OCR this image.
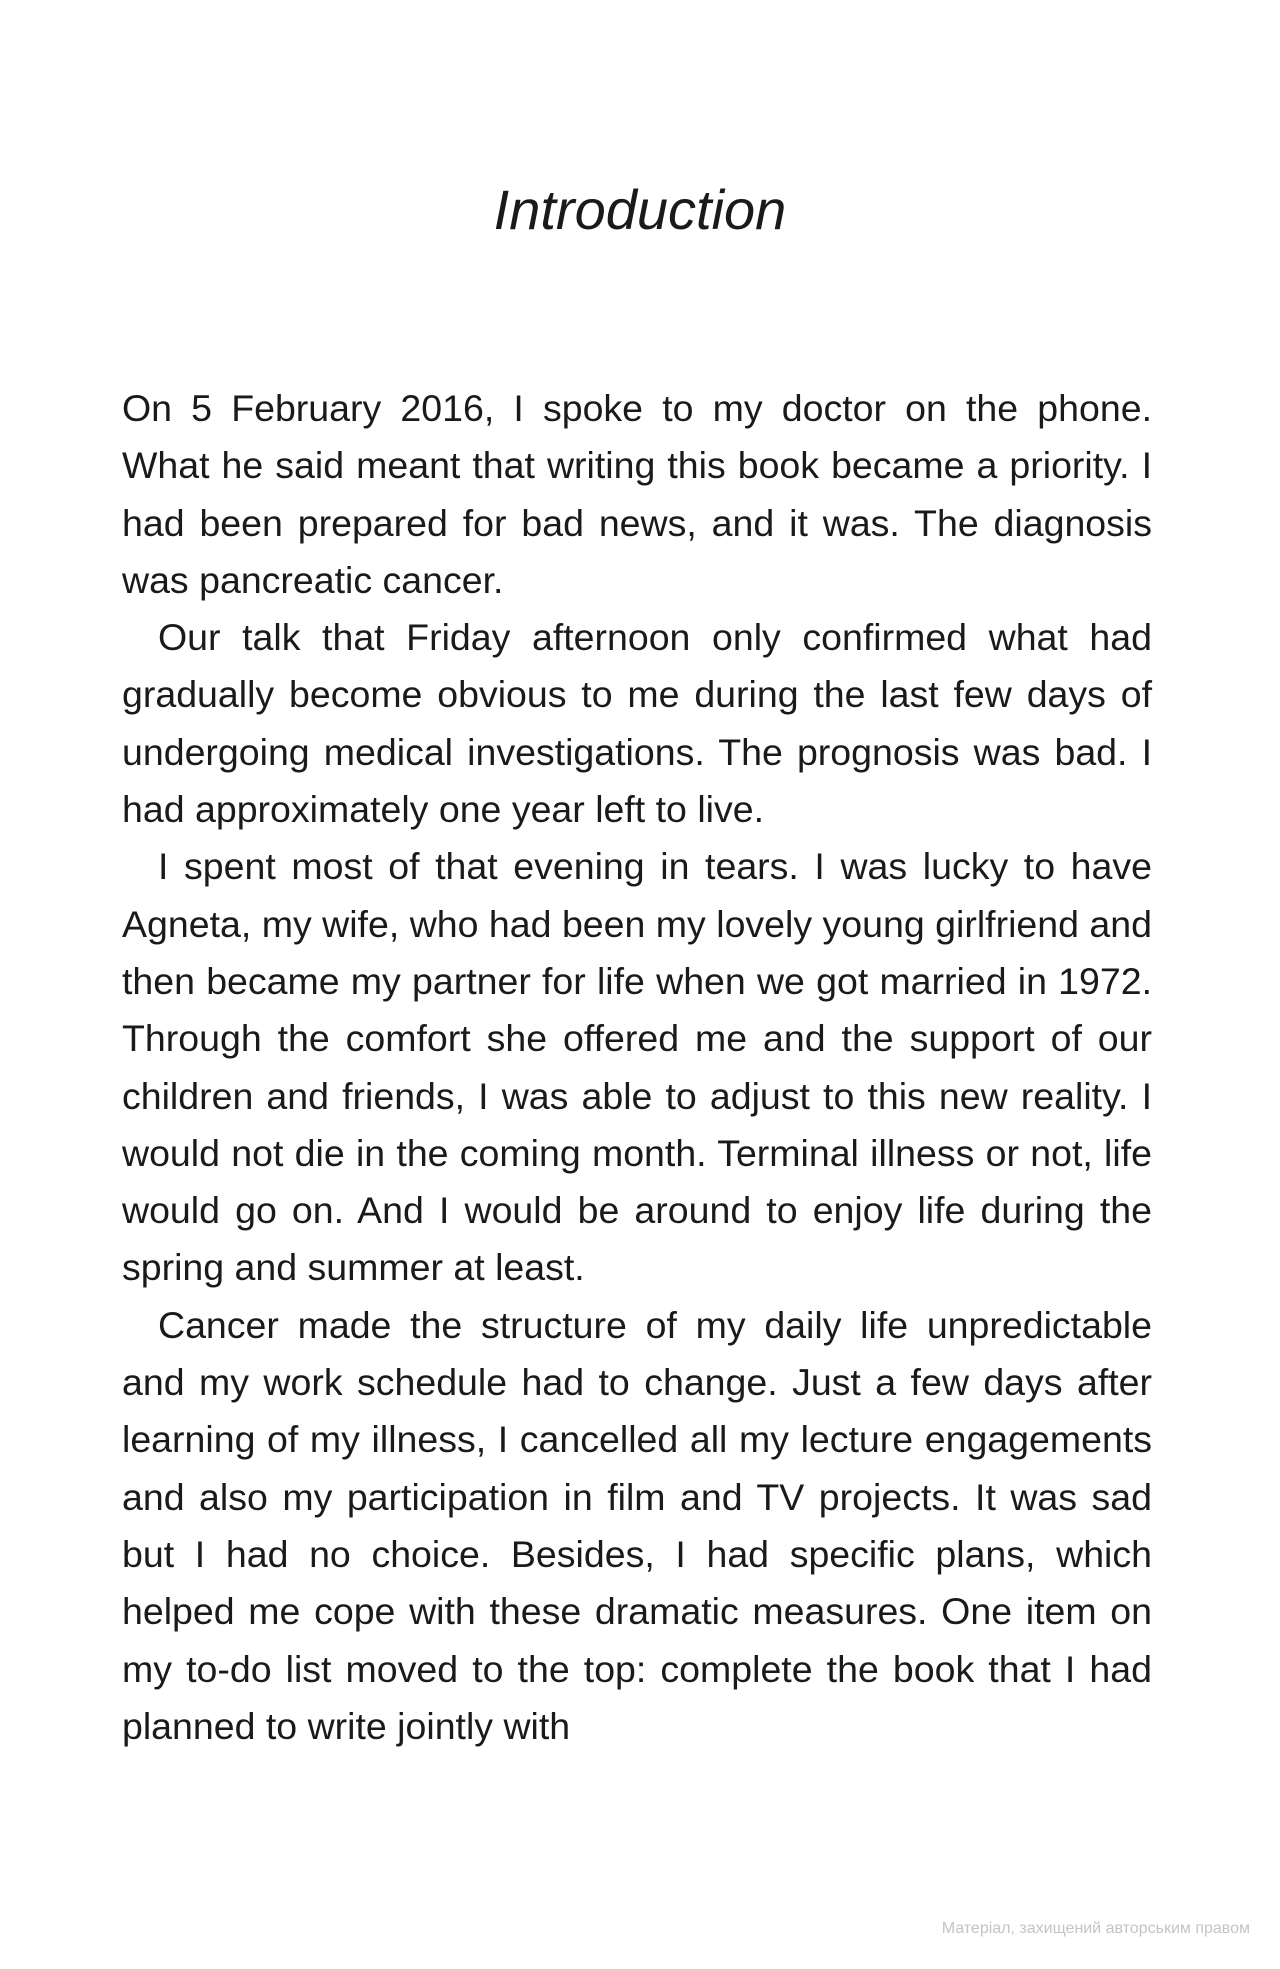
Introduction

On 5 February 2016, I spoke to my doctor on the phone. What he said meant that writing this book became a priority. I had been prepared for bad news, and it was. The diagnosis was pancreatic cancer.

Our talk that Friday afternoon only confirmed what had gradually become obvious to me during the last few days of undergoing medical investigations. The prognosis was bad. I had approximately one year left to live.

I spent most of that evening in tears. I was lucky to have Agneta, my wife, who had been my lovely young girlfriend and then became my partner for life when we got married in 1972. Through the comfort she offered me and the support of our children and friends, I was able to adjust to this new reality. I would not die in the coming month. Terminal illness or not, life would go on. And I would be around to enjoy life during the spring and summer at least.

Cancer made the structure of my daily life unpredictable and my work schedule had to change. Just a few days after learning of my illness, I cancelled all my lecture engagements and also my participation in film and TV projects. It was sad but I had no choice. Besides, I had specific plans, which helped me cope with these dramatic measures. One item on my to-do list moved to the top: complete the book that I had planned to write jointly with

Матеріал, захищений авторським правом
